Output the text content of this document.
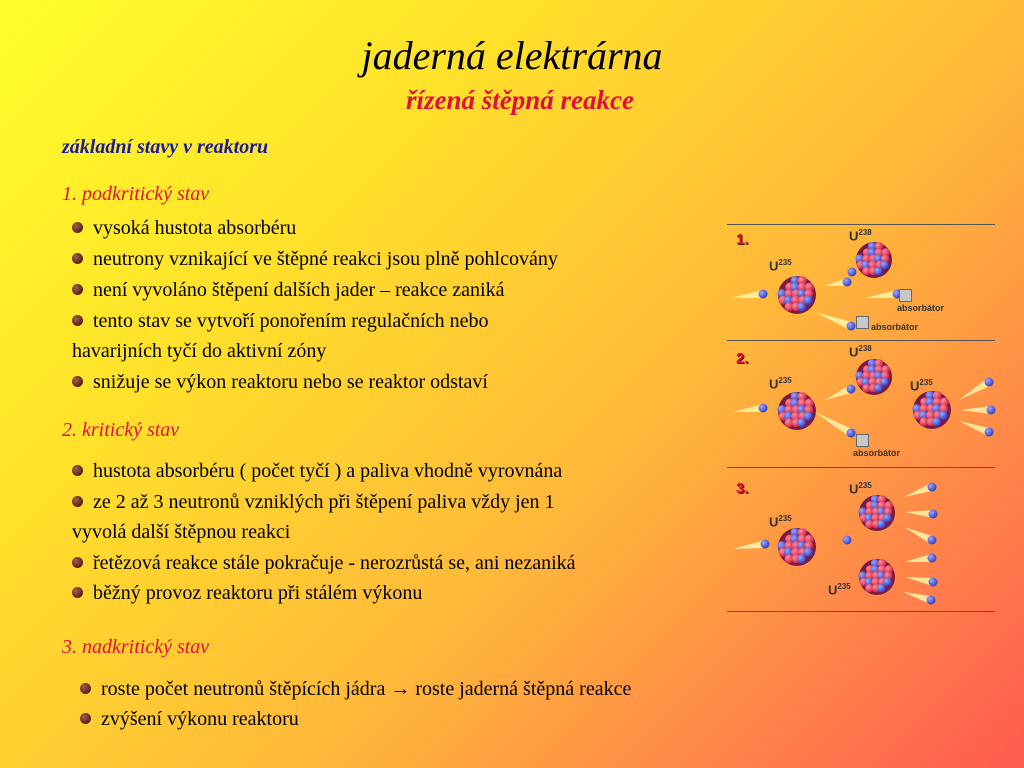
jaderná elektrárna
řízená štěpná reakce
základní stavy v reaktoru
1. podkritický stav
vysoká hustota absorbéru
neutrony vznikající ve štěpné reakci jsou plně pohlcovány
není vyvoláno štěpení dalších jader – reakce zaniká
tento stav se vytvoří ponořením regulačních nebo
havarijních tyčí do aktivní zóny
snižuje se výkon reaktoru nebo se reaktor odstaví
2. kritický stav
hustota absorbéru ( počet tyčí ) a paliva vhodně vyrovnána
ze 2 až 3 neutronů vzniklých při štěpení paliva vždy jen 1
vyvolá další štěpnou reakci
řetězová reakce stále pokračuje - nerozrůstá se, ani nezaniká
běžný provoz reaktoru při stálém výkonu
3. nadkritický stav
roste počet neutronů štěpících jádra → roste jaderná štěpná reakce
zvýšení výkonu reaktoru
1.	$U^{238}$
$U^{235}$
absorbátor
absorbátor
2.	$U^{238}$
$U^{235}$	$U^{235}$
absorbátor
3.	$U^{235}$
$U^{235}$
$U^{235}$
